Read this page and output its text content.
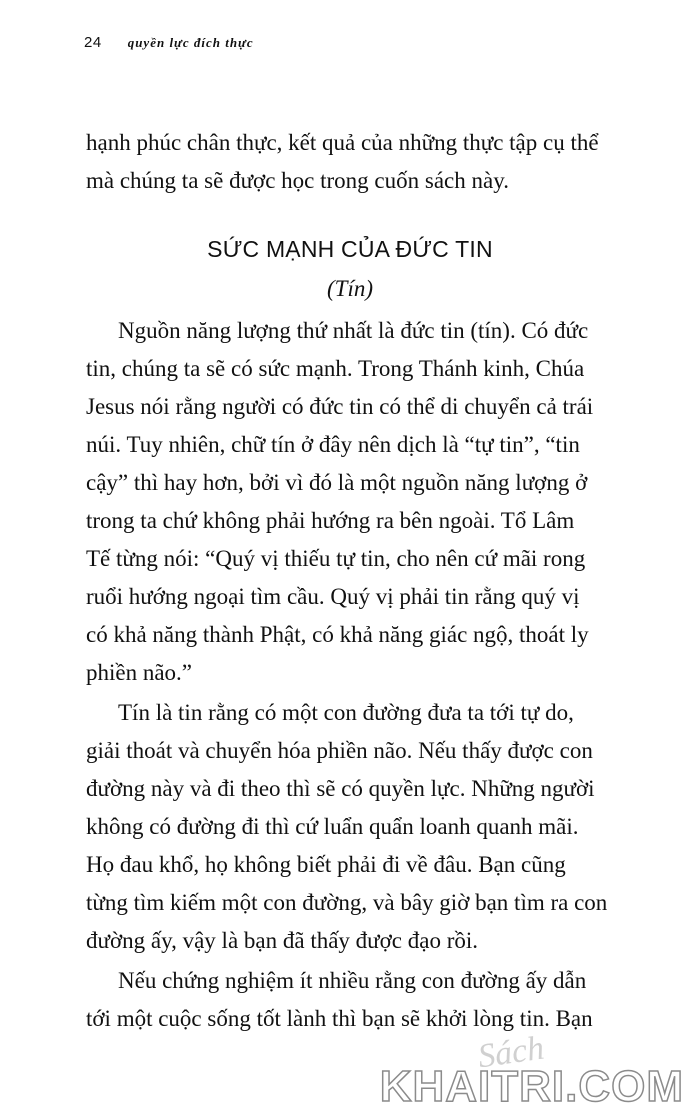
24 quyền lực đích thực
hạnh phúc chân thực, kết quả của những thực tập cụ thể
mà chúng ta sẽ được học trong cuốn sách này.
SỨC MẠNH CỦA ĐỨC TIN
(Tín)
Nguồn năng lượng thứ nhất là đức tin (tín). Có đức
tin, chúng ta sẽ có sức mạnh. Trong Thánh kinh, Chúa
Jesus nói rằng người có đức tin có thể di chuyển cả trái
núi. Tuy nhiên, chữ tín ở đây nên dịch là “tự tin”, “tin
cậy” thì hay hơn, bởi vì đó là một nguồn năng lượng ở
trong ta chứ không phải hướng ra bên ngoài. Tổ Lâm
Tế từng nói: “Quý vị thiếu tự tin, cho nên cứ mãi rong
ruổi hướng ngoại tìm cầu. Quý vị phải tin rằng quý vị
có khả năng thành Phật, có khả năng giác ngộ, thoát ly
phiền não.”
Tín là tin rằng có một con đường đưa ta tới tự do,
giải thoát và chuyển hóa phiền não. Nếu thấy được con
đường này và đi theo thì sẽ có quyền lực. Những người
không có đường đi thì cứ luẩn quẩn loanh quanh mãi.
Họ đau khổ, họ không biết phải đi về đâu. Bạn cũng
từng tìm kiếm một con đường, và bây giờ bạn tìm ra con
đường ấy, vậy là bạn đã thấy được đạo rồi.
Nếu chứng nghiệm ít nhiều rằng con đường ấy dẫn
tới một cuộc sống tốt lành thì bạn sẽ khởi lòng tin. Bạn
Sách
KHAITRI.COM
